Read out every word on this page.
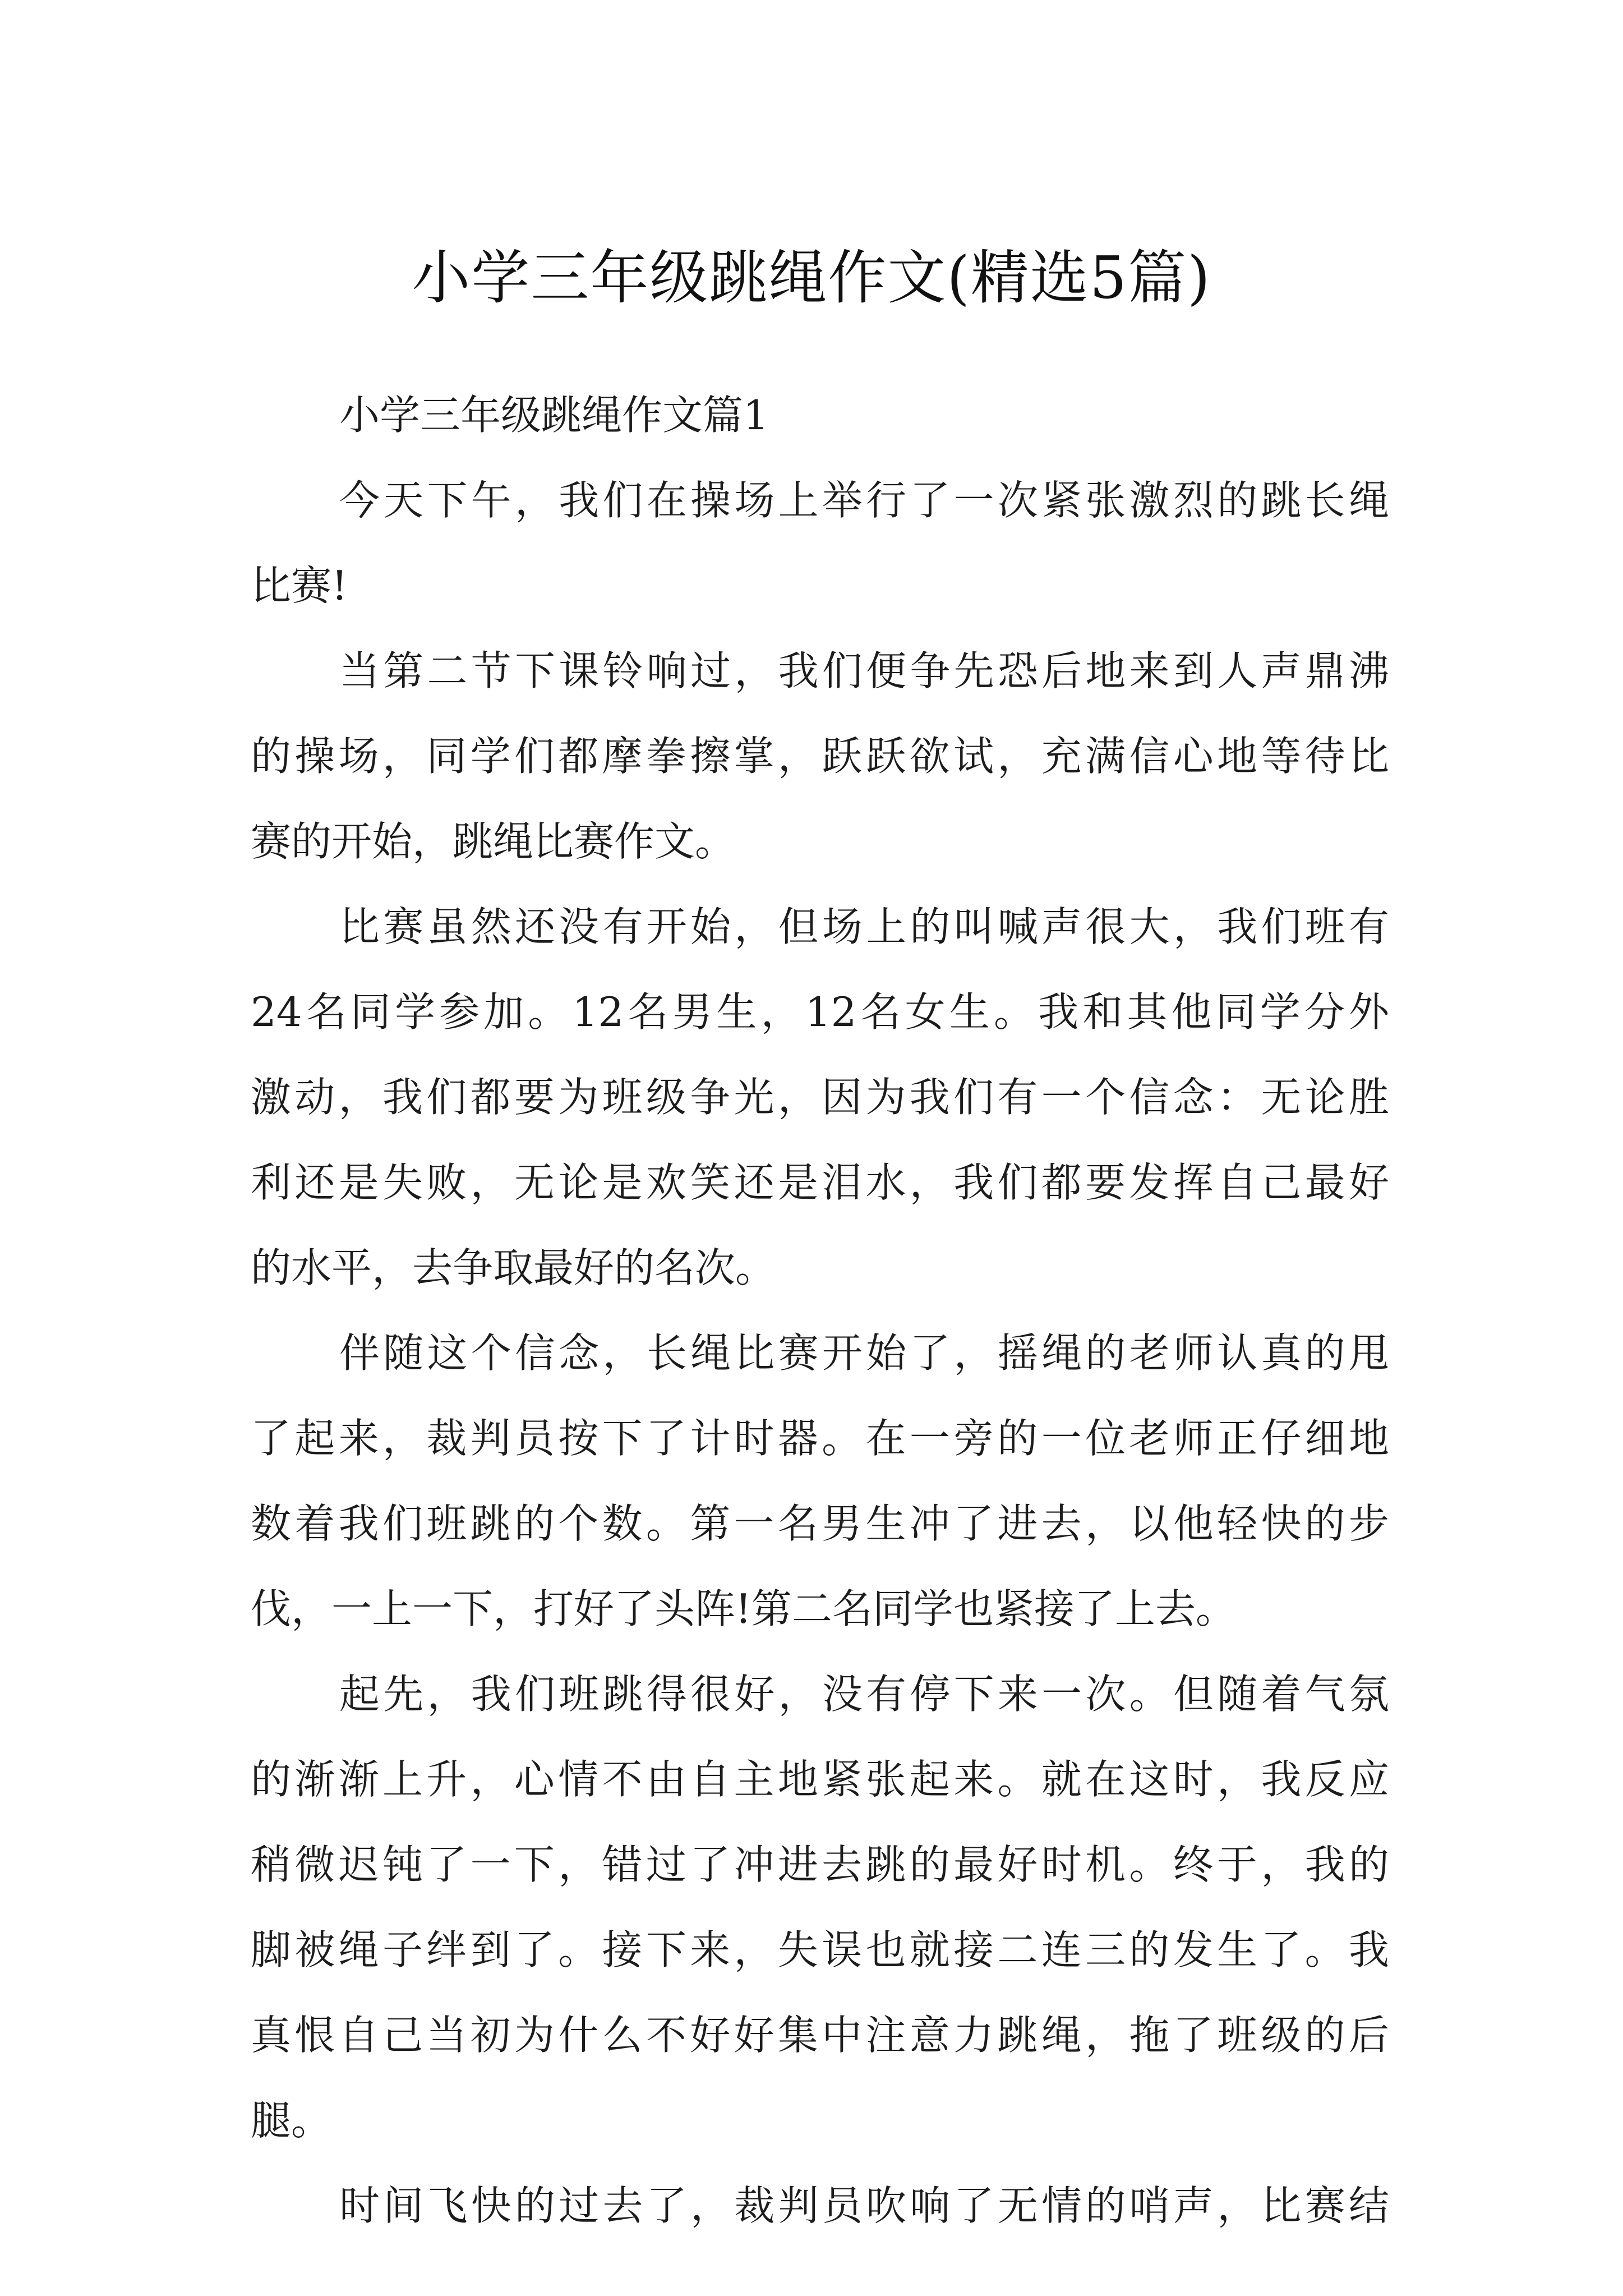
小学三年级跳绳作文(精选5篇)
小学三年级跳绳作文篇1
今天下午，我们在操场上举行了一次紧张激烈的跳长绳
比赛!
当第二节下课铃响过，我们便争先恐后地来到人声鼎沸
的操场，同学们都摩拳擦掌，跃跃欲试，充满信心地等待比
赛的开始，跳绳比赛作文。
比赛虽然还没有开始，但场上的叫喊声很大，我们班有
24名同学参加。12名男生，12名女生。我和其他同学分外
激动，我们都要为班级争光，因为我们有一个信念：无论胜
利还是失败，无论是欢笑还是泪水，我们都要发挥自己最好
的水平，去争取最好的名次。
伴随这个信念，长绳比赛开始了，摇绳的老师认真的甩
了起来，裁判员按下了计时器。在一旁的一位老师正仔细地
数着我们班跳的个数。第一名男生冲了进去，以他轻快的步
伐，一上一下，打好了头阵!第二名同学也紧接了上去。
起先，我们班跳得很好，没有停下来一次。但随着气氛
的渐渐上升，心情不由自主地紧张起来。就在这时，我反应
稍微迟钝了一下，错过了冲进去跳的最好时机。终于，我的
脚被绳子绊到了。接下来，失误也就接二连三的发生了。我
真恨自己当初为什么不好好集中注意力跳绳，拖了班级的后
腿。
时间飞快的过去了，裁判员吹响了无情的哨声，比赛结
